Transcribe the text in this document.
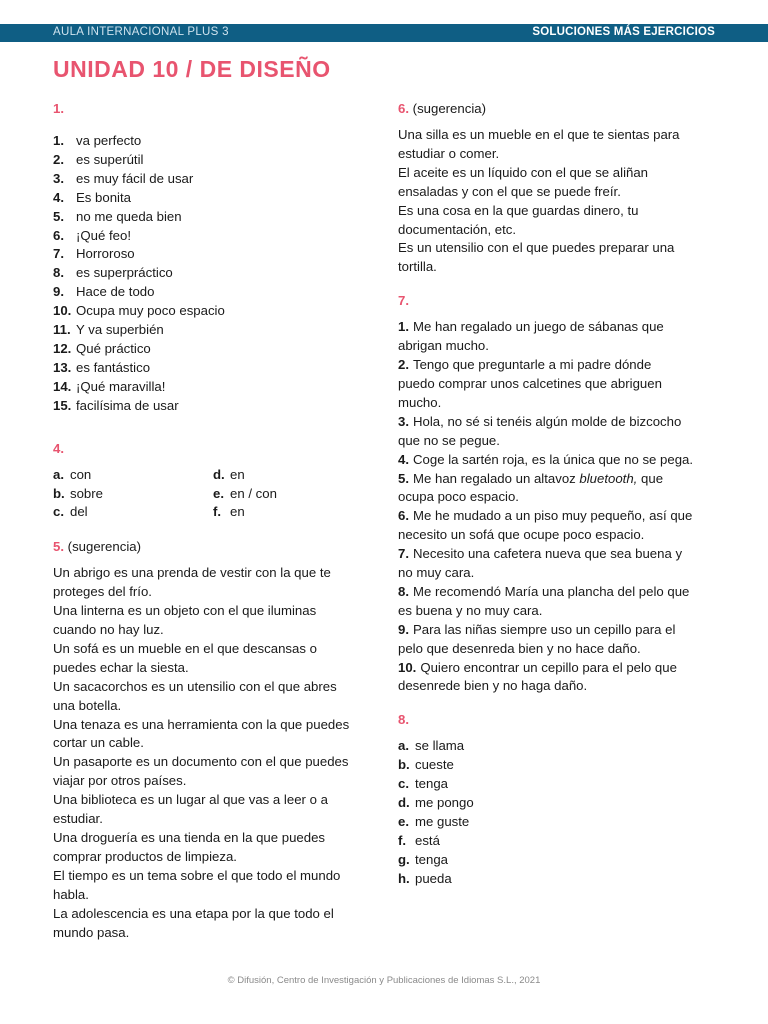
AULA INTERNACIONAL PLUS 3	SOLUCIONES MÁS EJERCICIOS
UNIDAD 10 / DE DISEÑO
1.
1. va perfecto
2. es superútil
3. es muy fácil de usar
4. Es bonita
5. no me queda bien
6. ¡Qué feo!
7. Horroroso
8. es superpráctico
9. Hace de todo
10. Ocupa muy poco espacio
11. Y va superbién
12. Qué práctico
13. es fantástico
14. ¡Qué maravilla!
15. facilísima de usar
4.
a. con	d. en
b. sobre	e. en / con
c. del	f. en
5. (sugerencia)

Un abrigo es una prenda de vestir con la que te

proteges del frío.

Una linterna es un objeto con el que iluminas

cuando no hay luz.

Un sofá es un mueble en el que descansas o

puedes echar la siesta.

Un sacacorchos es un utensilio con el que abres

una botella.

Una tenaza es una herramienta con la que puedes

cortar un cable.

Un pasaporte es un documento con el que puedes

viajar por otros países.

Una biblioteca es un lugar al que vas a leer o a

estudiar.

Una droguería es una tienda en la que puedes

comprar productos de limpieza.

El tiempo es un tema sobre el que todo el mundo

habla.

La adolescencia es una etapa por la que todo el

mundo pasa.

6. (sugerencia)

Una silla es un mueble en el que te sientas para

estudiar o comer.

El aceite es un líquido con el que se aliñan

ensaladas y con el que se puede freír.

Es una cosa en la que guardas dinero, tu

documentación, etc.

Es un utensilio con el que puedes preparar una

tortilla.

7.

1. Me han regalado un juego de sábanas que

abrigan mucho.

2. Tengo que preguntarle a mi padre dónde

puedo comprar unos calcetines que abriguen

mucho.

3. Hola, no sé si tenéis algún molde de bizcocho

que no se pegue.

4. Coge la sartén roja, es la única que no se pega.

5. Me han regalado un altavoz bluetooth, que

ocupa poco espacio.

6. Me he mudado a un piso muy pequeño, así que

necesito un sofá que ocupe poco espacio.

7. Necesito una cafetera nueva que sea buena y

no muy cara.

8. Me recomendó María una plancha del pelo que

es buena y no muy cara.

9. Para las niñas siempre uso un cepillo para el

pelo que desenreda bien y no hace daño.

10. Quiero encontrar un cepillo para el pelo que

desenrede bien y no haga daño.

8.
a. se llama
b. cueste
c. tenga
d. me pongo
e. me guste
f. está
g. tenga
h. pueda
© Difusión, Centro de Investigación y Publicaciones de Idiomas S.L., 2021
